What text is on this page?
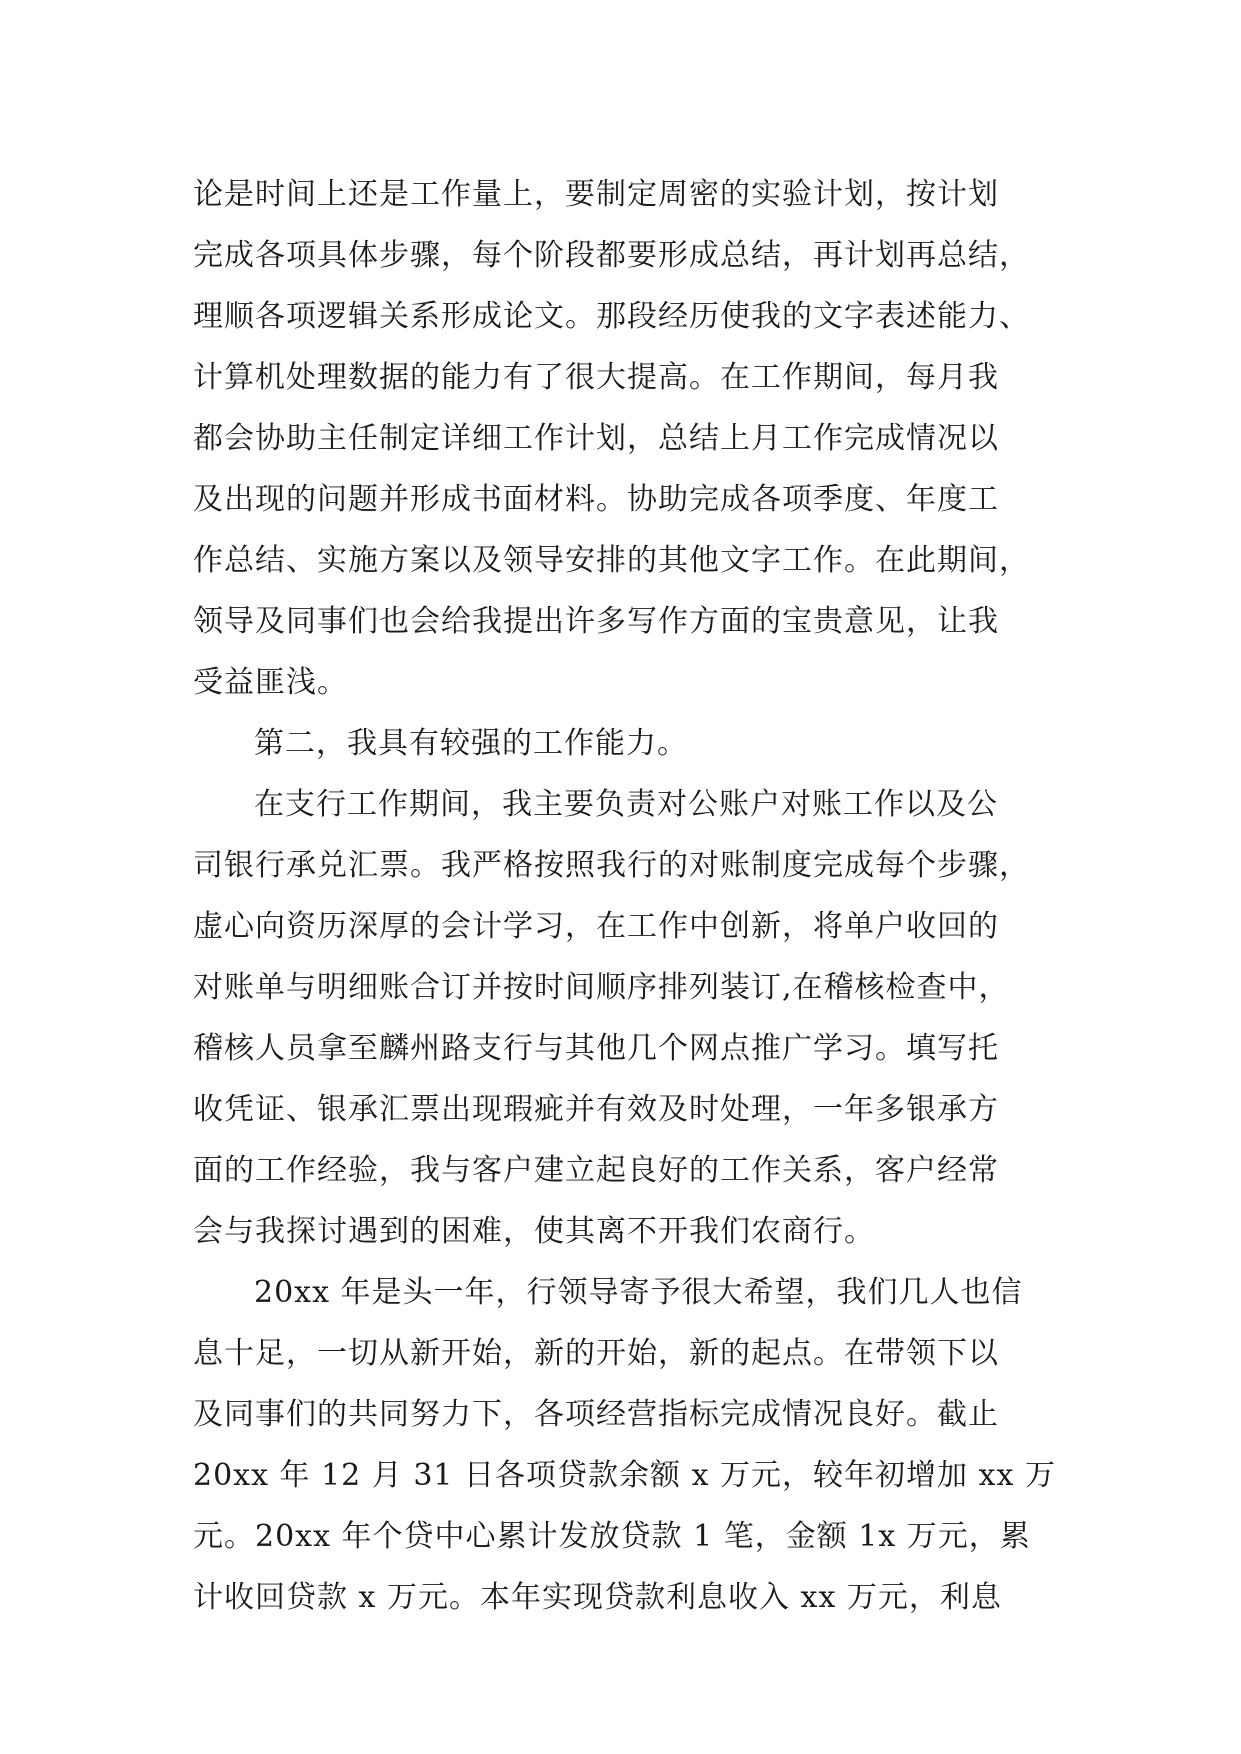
论是时间上还是工作量上，要制定周密的实验计划，按计划
完成各项具体步骤，每个阶段都要形成总结，再计划再总结，
理顺各项逻辑关系形成论文。那段经历使我的文字表述能力、
计算机处理数据的能力有了很大提高。在工作期间，每月我
都会协助主任制定详细工作计划，总结上月工作完成情况以
及出现的问题并形成书面材料。协助完成各项季度、年度工
作总结、实施方案以及领导安排的其他文字工作。在此期间，
领导及同事们也会给我提出许多写作方面的宝贵意见，让我
受益匪浅。
第二，我具有较强的工作能力。
在支行工作期间，我主要负责对公账户对账工作以及公
司银行承兑汇票。我严格按照我行的对账制度完成每个步骤，
虚心向资历深厚的会计学习，在工作中创新，将单户收回的
对账单与明细账合订并按时间顺序排列装订,在稽核检查中，
稽核人员拿至麟州路支行与其他几个网点推广学习。填写托
收凭证、银承汇票出现瑕疵并有效及时处理，一年多银承方
面的工作经验，我与客户建立起良好的工作关系，客户经常
会与我探讨遇到的困难，使其离不开我们农商行。
20xx 年是头一年，行领导寄予很大希望，我们几人也信
息十足，一切从新开始，新的开始，新的起点。在带领下以
及同事们的共同努力下，各项经营指标完成情况良好。截止
20xx 年 12 月 31 日各项贷款余额 x 万元，较年初增加 xx 万
元。20xx 年个贷中心累计发放贷款 1 笔，金额 1x 万元，累
计收回贷款 x 万元。本年实现贷款利息收入 xx 万元，利息
